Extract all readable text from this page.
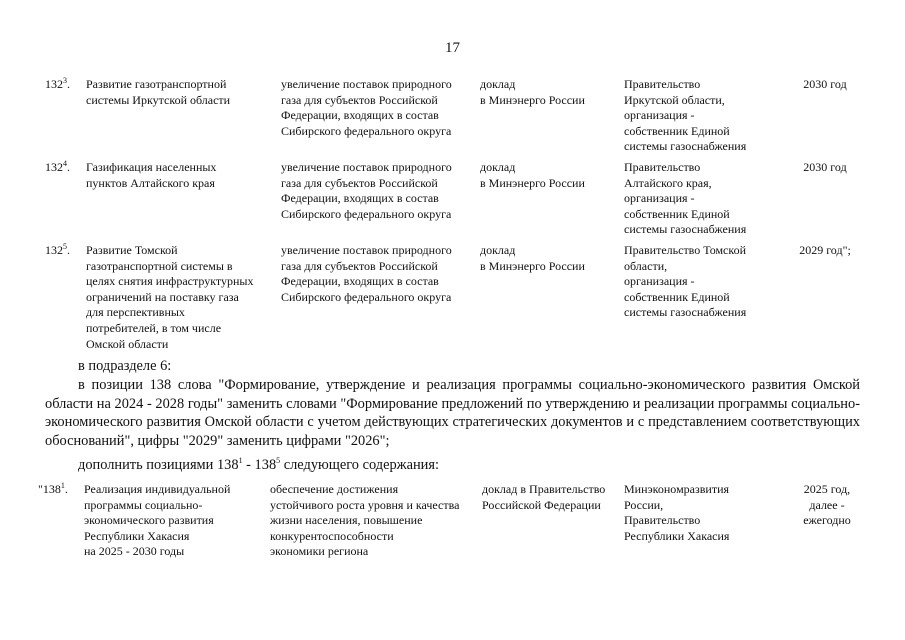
17
$132^3$. Развитие газотранспортной
системы Иркутской области
увеличение поставок природного
газа для субъектов Российской
Федерации, входящих в состав
Сибирского федерального округа
доклад
в Минэнерго России
Правительство
Иркутской области,
организация -
собственник Единой
системы газоснабжения
2030 год
$132^4$. Газификация населенных
пунктов Алтайского края
увеличение поставок природного
газа для субъектов Российской
Федерации, входящих в состав
Сибирского федерального округа
доклад
в Минэнерго России
Правительство
Алтайского края,
организация -
собственник Единой
системы газоснабжения
2030 год
$132^5$. Развитие Томской
газотранспортной системы в
целях снятия инфраструктурных
ограничений на поставку газа
для перспективных
потребителей, в том числе
Омской области
увеличение поставок природного
газа для субъектов Российской
Федерации, входящих в состав
Сибирского федерального округа
доклад
в Минэнерго России
Правительство Томской
области,
организация -
собственник Единой
системы газоснабжения
2029 год";
в подразделе 6:
в позиции 138 слова "Формирование, утверждение и реализация программы социально-экономического развития Омской области на 2024 - 2028 годы" заменить словами "Формирование предложений по утверждению и реализации программы социально-экономического развития Омской области с учетом действующих стратегических документов и с представлением соответствующих обоснований", цифры "2029" заменить цифрами "2026";
дополнить позициями $138^1 - 138^5$ следующего содержания:
"$138^1$. Реализация индивидуальной
программы социально-
экономического развития
Республики Хакасия
на 2025 - 2030 годы
обеспечение достижения
устойчивого роста уровня и качества
жизни населения, повышение
конкурентоспособности
экономики региона
доклад в Правительство
Российской Федерации
Минэкономразвития
России,
Правительство
Республики Хакасия
2025 год,
далее -
ежегодно
